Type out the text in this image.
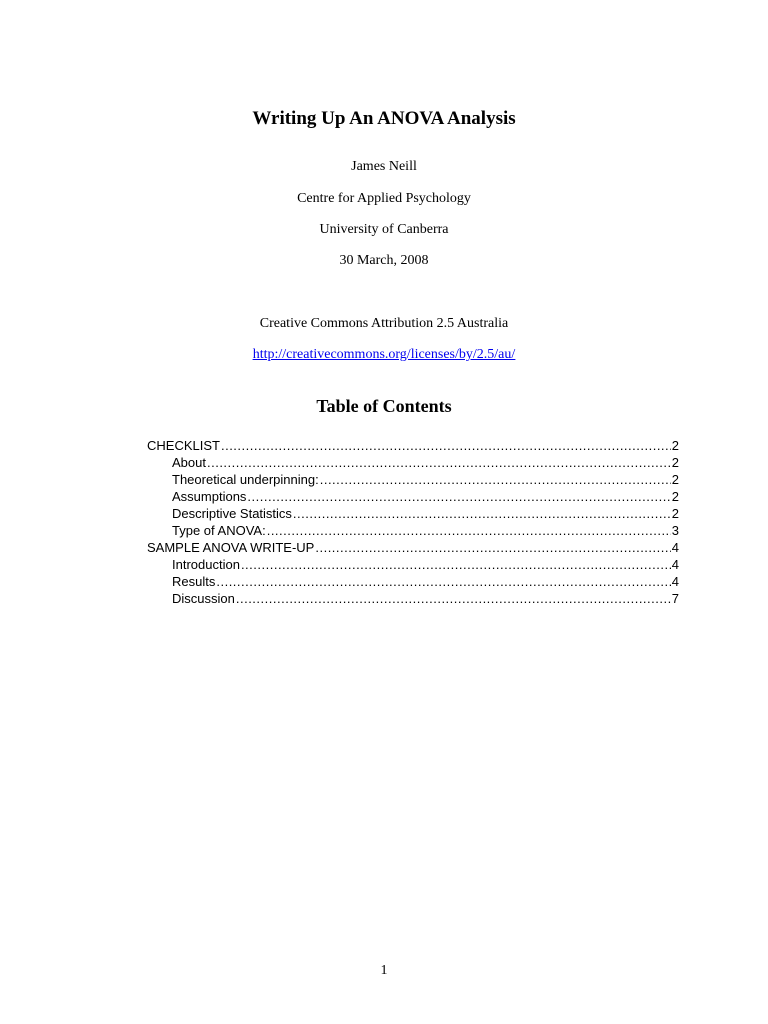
Writing Up An ANOVA Analysis
James Neill
Centre for Applied Psychology
University of Canberra
30 March, 2008
Creative Commons Attribution 2.5 Australia
http://creativecommons.org/licenses/by/2.5/au/
Table of Contents
CHECKLIST .....	2
About .....	2
Theoretical underpinning: .....	2
Assumptions .....	2
Descriptive Statistics .....	2
Type of ANOVA: .....	3
SAMPLE ANOVA WRITE-UP .....	4
Introduction .....	4
Results .....	4
Discussion .....	7
1
